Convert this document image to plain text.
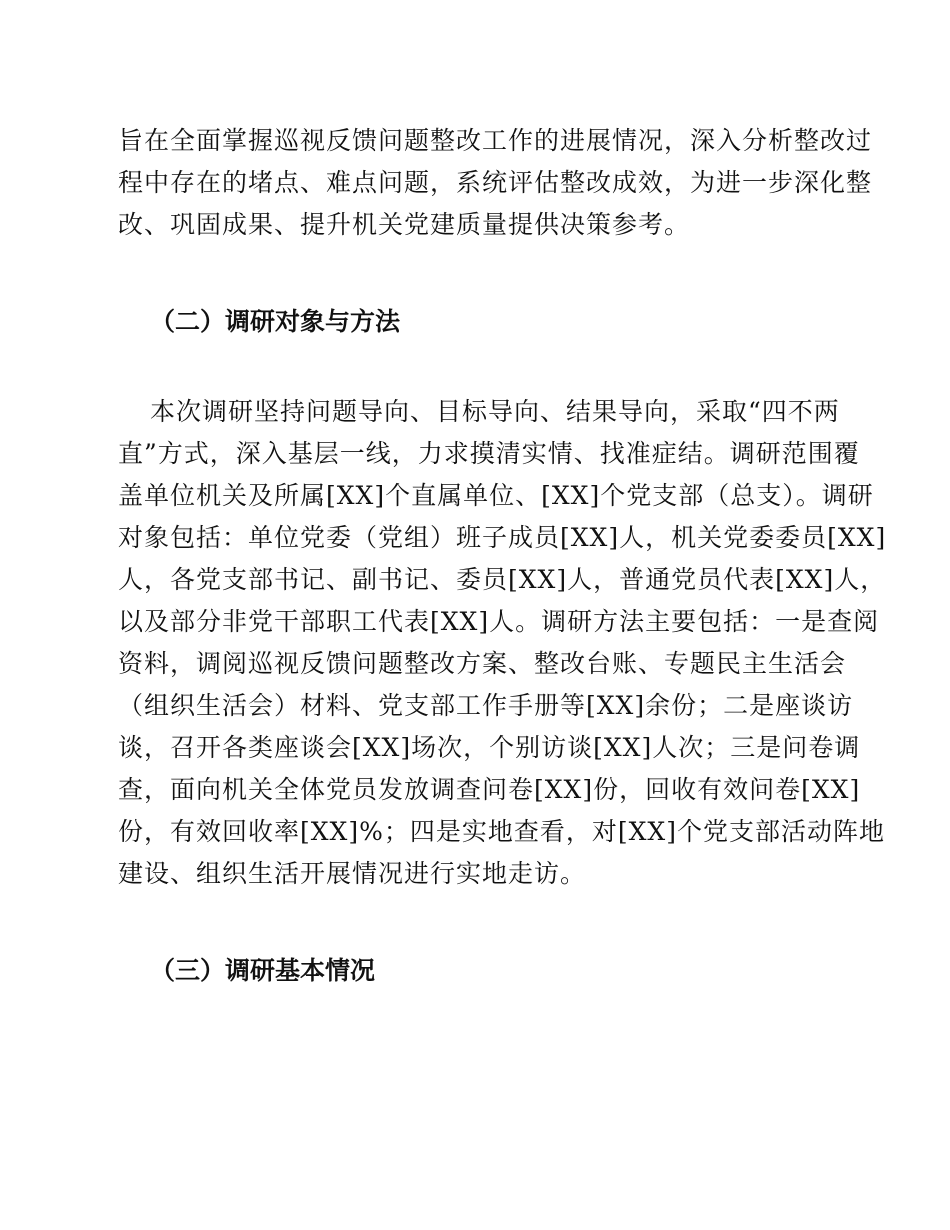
旨在全面掌握巡视反馈问题整改工作的进展情况，深入分析整改过
程中存在的堵点、难点问题，系统评估整改成效，为进一步深化整
改、巩固成果、提升机关党建质量提供决策参考。
（二）调研对象与方法
本次调研坚持问题导向、目标导向、结果导向，采取“四不两
直”方式，深入基层一线，力求摸清实情、找准症结。调研范围覆
盖单位机关及所属[XX]个直属单位、[XX]个党支部（总支）。调研
对象包括：单位党委（党组）班子成员[XX]人，机关党委委员[XX]
人，各党支部书记、副书记、委员[XX]人，普通党员代表[XX]人，
以及部分非党干部职工代表[XX]人。调研方法主要包括：一是查阅
资料，调阅巡视反馈问题整改方案、整改台账、专题民主生活会
（组织生活会）材料、党支部工作手册等[XX]余份；二是座谈访
谈，召开各类座谈会[XX]场次，个别访谈[XX]人次；三是问卷调
查，面向机关全体党员发放调查问卷[XX]份，回收有效问卷[XX]
份，有效回收率[XX]%；四是实地查看，对[XX]个党支部活动阵地
建设、组织生活开展情况进行实地走访。
（三）调研基本情况
